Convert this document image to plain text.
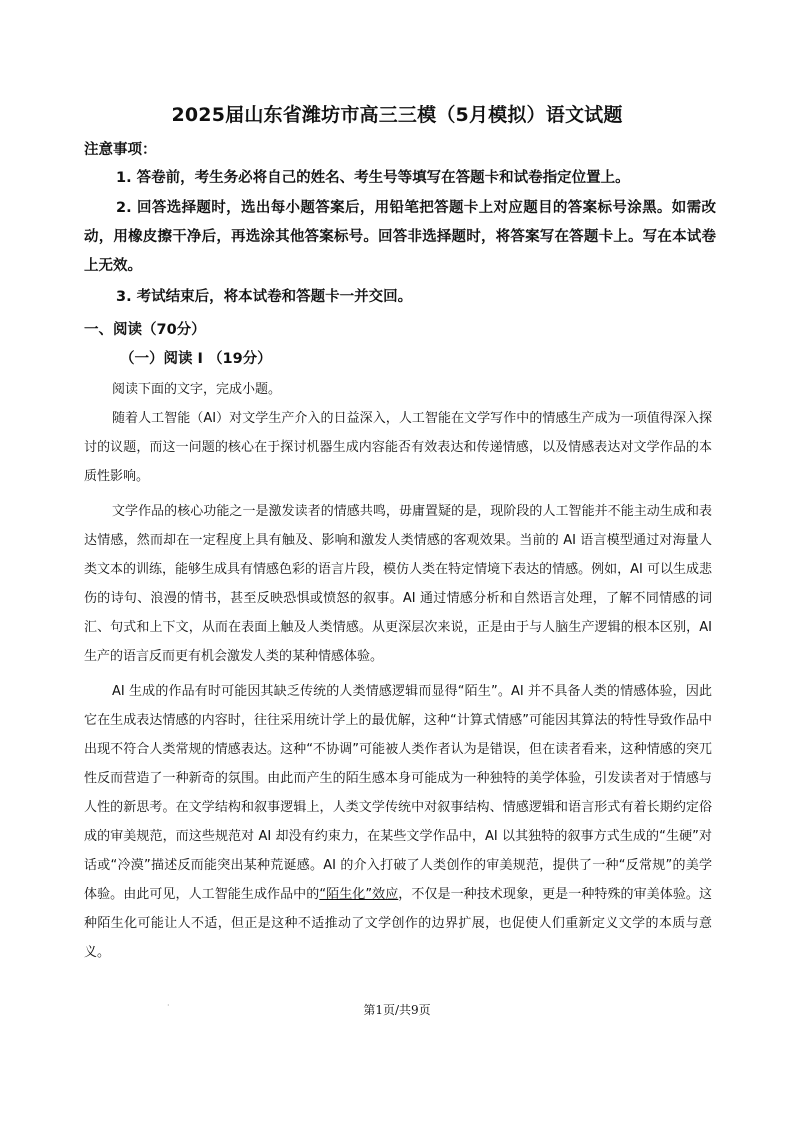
2025届山东省潍坊市高三三模（5月模拟）语文试题
注意事项：
1. 答卷前，考生务必将自己的姓名、考生号等填写在答题卡和试卷指定位置上。
2. 回答选择题时，选出每小题答案后，用铅笔把答题卡上对应题目的答案标号涂黑。如需改动，用橡皮擦干净后，再选涂其他答案标号。回答非选择题时，将答案写在答题卡上。写在本试卷上无效。
3. 考试结束后，将本试卷和答题卡一并交回。
一、阅读（70分）
（一）阅读 I （19分）
阅读下面的文字，完成小题。
随着人工智能（AI）对文学生产介入的日益深入，人工智能在文学写作中的情感生产成为一项值得深入探讨的议题，而这一问题的核心在于探讨机器生成内容能否有效表达和传递情感，以及情感表达对文学作品的本质性影响。
文学作品的核心功能之一是激发读者的情感共鸣，毋庸置疑的是，现阶段的人工智能并不能主动生成和表达情感，然而却在一定程度上具有触及、影响和激发人类情感的客观效果。当前的 AI 语言模型通过对海量人类文本的训练，能够生成具有情感色彩的语言片段，模仿人类在特定情境下表达的情感。例如，AI 可以生成悲伤的诗句、浪漫的情书，甚至反映恐惧或愤怒的叙事。AI 通过情感分析和自然语言处理，了解不同情感的词汇、句式和上下文，从而在表面上触及人类情感。从更深层次来说，正是由于与人脑生产逻辑的根本区别，AI 生产的语言反而更有机会激发人类的某种情感体验。
AI 生成的作品有时可能因其缺乏传统的人类情感逻辑而显得“陌生”。AI 并不具备人类的情感体验，因此它在生成表达情感的内容时，往往采用统计学上的最优解，这种“计算式情感”可能因其算法的特性导致作品中出现不符合人类常规的情感表达。这种“不协调”可能被人类作者认为是错误，但在读者看来，这种情感的突兀性反而营造了一种新奇的氛围。由此而产生的陌生感本身可能成为一种独特的美学体验，引发读者对于情感与人性的新思考。在文学结构和叙事逻辑上，人类文学传统中对叙事结构、情感逻辑和语言形式有着长期约定俗成的审美规范，而这些规范对 AI 却没有约束力，在某些文学作品中，AI 以其独特的叙事方式生成的“生硬”对话或“冷漠”描述反而能突出某种荒诞感。AI 的介入打破了人类创作的审美规范，提供了一种“反常规”的美学体验。由此可见，人工智能生成作品中的“陌生化”效应，不仅是一种技术现象，更是一种特殊的审美体验。这种陌生化可能让人不适，但正是这种不适推动了文学创作的边界扩展，也促使人们重新定义文学的本质与意义。
·	第1页/共9页
